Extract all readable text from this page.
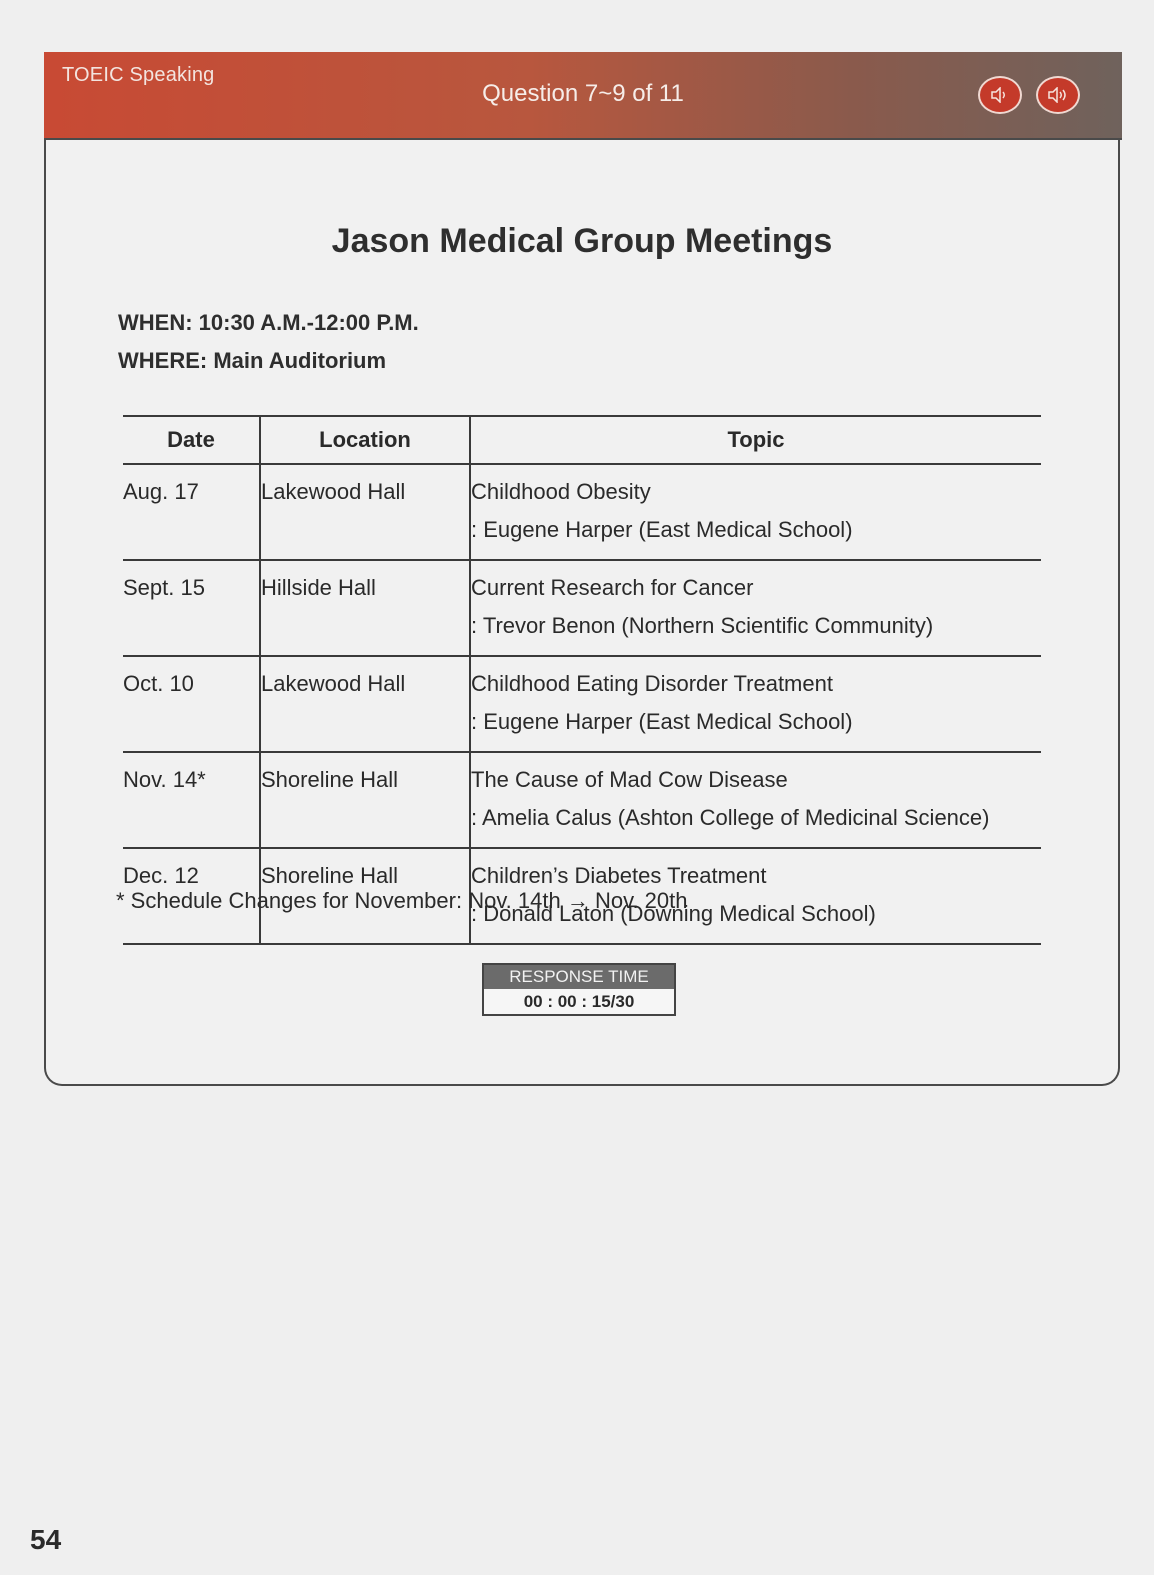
TOEIC Speaking
Question 7~9 of 11
Jason Medical Group Meetings
WHEN: 10:30 A.M.-12:00 P.M.
WHERE: Main Auditorium
Date	Location	Topic
Aug. 17	Lakewood Hall	Childhood Obesity
: Eugene Harper (East Medical School)

Sept. 15	Hillside Hall	Current Research for Cancer
: Trevor Benon (Northern Scientific Community)

Oct. 10	Lakewood Hall	Childhood Eating Disorder Treatment
: Eugene Harper (East Medical School)

Nov. 14*	Shoreline Hall	The Cause of Mad Cow Disease
: Amelia Calus (Ashton College of Medicinal Science)

Dec. 12	Shoreline Hall	Children’s Diabetes Treatment
: Donald Laton (Downing Medical School)
* Schedule Changes for November: Nov. 14th → Nov. 20th
RESPONSE TIME
00 : 00 : 15/30
54
